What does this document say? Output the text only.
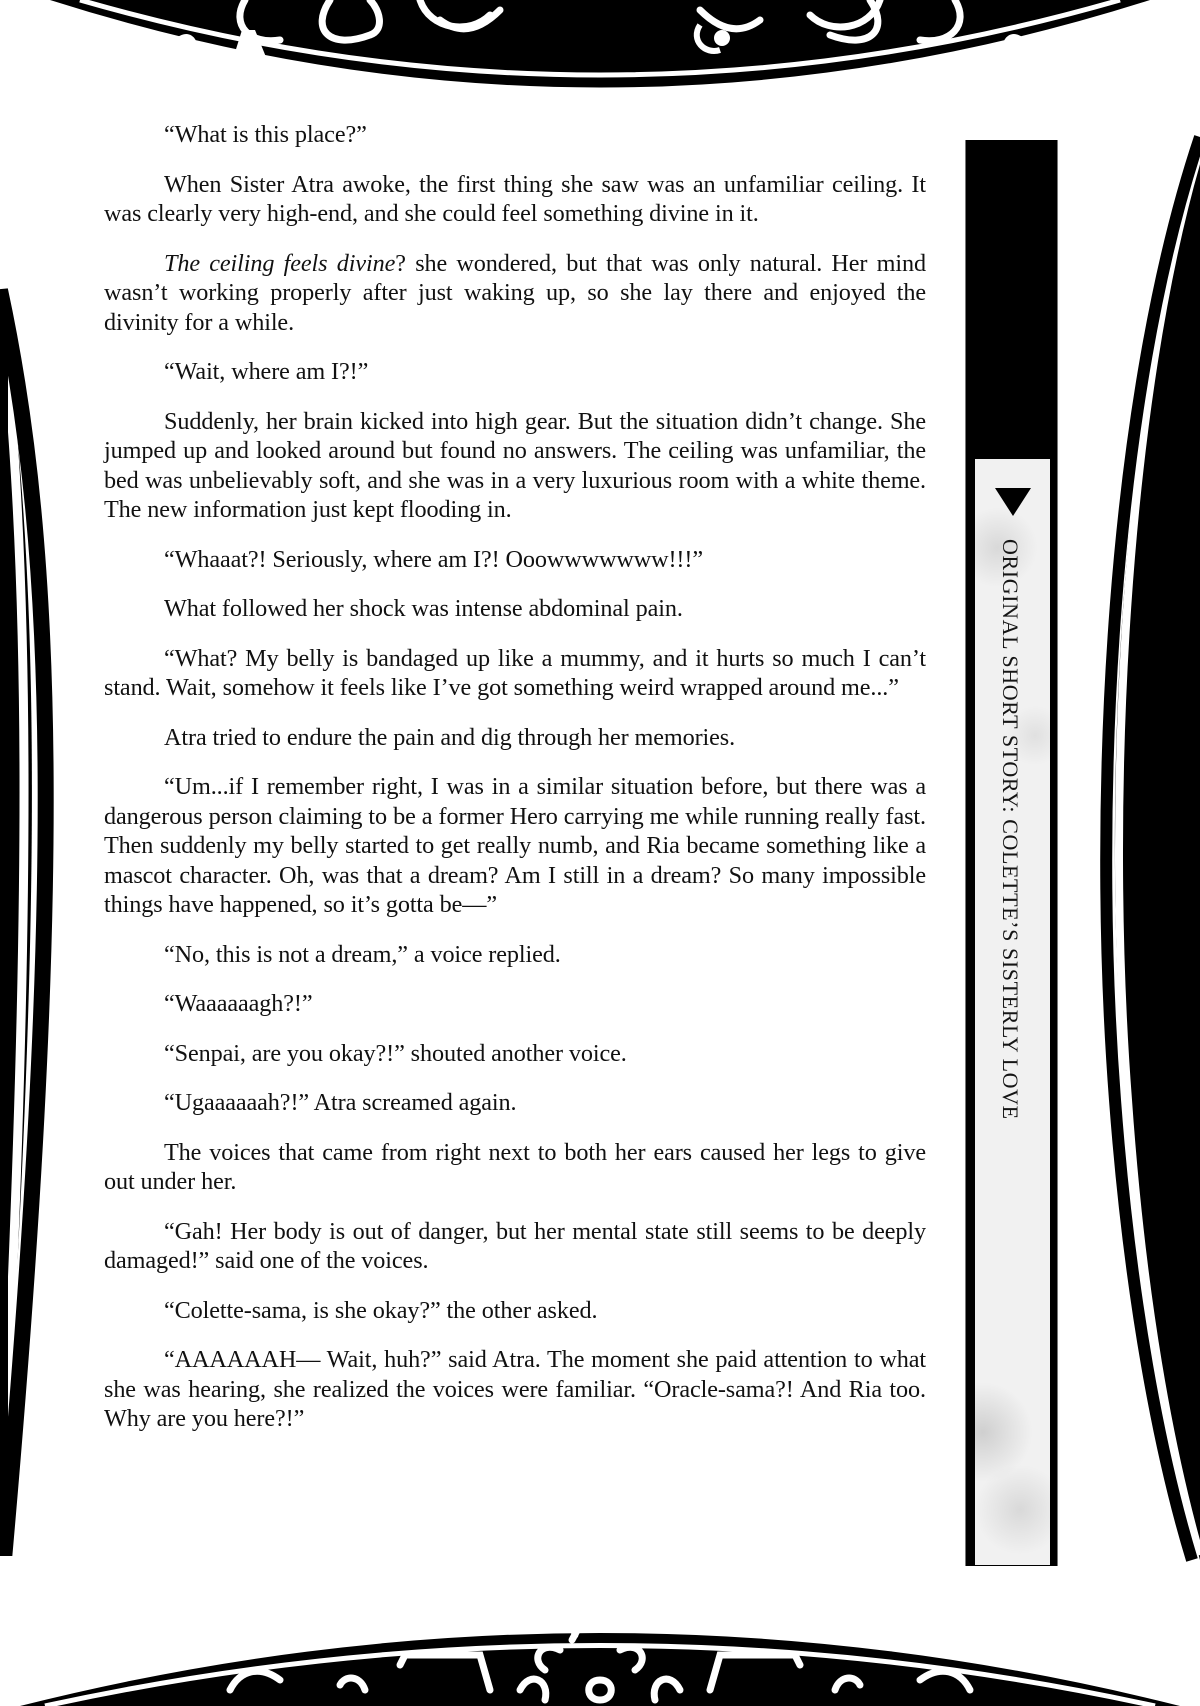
“What is this place?”

When Sister Atra awoke, the first thing she saw was an unfamiliar ceiling. It was clearly very high-end, and she could feel something divine in it.

The ceiling feels divine? she wondered, but that was only natural. Her mind wasn’t working properly after just waking up, so she lay there and enjoyed the divinity for a while.

“Wait, where am I?!”

Suddenly, her brain kicked into high gear. But the situation didn’t change. She jumped up and looked around but found no answers. The ceiling was unfamiliar, the bed was unbelievably soft, and she was in a very luxurious room with a white theme. The new information just kept flooding in.

“Whaaat?! Seriously, where am I?! Ooowwwwwww!!!”

What followed her shock was intense abdominal pain.

“What? My belly is bandaged up like a mummy, and it hurts so much I can’t stand. Wait, somehow it feels like I’ve got something weird wrapped around me...”

Atra tried to endure the pain and dig through her memories.

“Um...if I remember right, I was in a similar situation before, but there was a dangerous person claiming to be a former Hero carrying me while running really fast. Then suddenly my belly started to get really numb, and Ria became something like a mascot character. Oh, was that a dream? Am I still in a dream? So many impossible things have happened, so it’s gotta be—”

“No, this is not a dream,” a voice replied.

“Waaaaaagh?!”

“Senpai, are you okay?!” shouted another voice.

“Ugaaaaaah?!” Atra screamed again.

The voices that came from right next to both her ears caused her legs to give out under her.

“Gah! Her body is out of danger, but her mental state still seems to be deeply damaged!” said one of the voices.

“Colette-sama, is she okay?” the other asked.

“AAAAAAH— Wait, huh?” said Atra. The moment she paid attention to what she was hearing, she realized the voices were familiar. “Oracle-sama?! And Ria too. Why are you here?!”

ORIGINAL SHORT STORY: COLETTE’S SISTERLY LOVE
